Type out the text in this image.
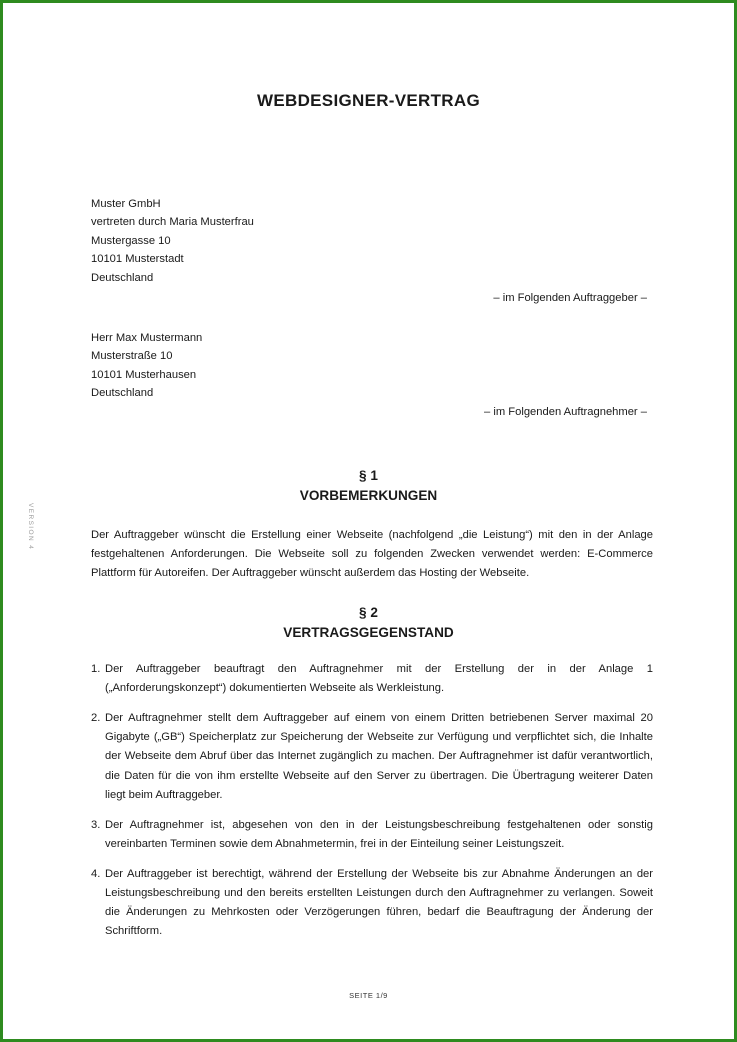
WEBDESIGNER-VERTRAG
Muster GmbH
vertreten durch Maria Musterfrau
Mustergasse 10
10101 Musterstadt
Deutschland
– im Folgenden Auftraggeber –
Herr Max Mustermann
Musterstraße 10
10101 Musterhausen
Deutschland
– im Folgenden Auftragnehmer –
§ 1
VORBEMERKUNGEN
Der Auftraggeber wünscht die Erstellung einer Webseite (nachfolgend „die Leistung“) mit den in der Anlage festgehaltenen Anforderungen. Die Webseite soll zu folgenden Zwecken verwendet werden: E-Commerce Plattform für Autoreifen. Der Auftraggeber wünscht außerdem das Hosting der Webseite.
§ 2
VERTRAGSGEGENSTAND
1. Der Auftraggeber beauftragt den Auftragnehmer mit der Erstellung der in der Anlage 1 („Anforderungskonzept“) dokumentierten Webseite als Werkleistung.
2. Der Auftragnehmer stellt dem Auftraggeber auf einem von einem Dritten betriebenen Server maximal 20 Gigabyte („GB“) Speicherplatz zur Speicherung der Webseite zur Verfügung und verpflichtet sich, die Inhalte der Webseite dem Abruf über das Internet zugänglich zu machen. Der Auftragnehmer ist dafür verantwortlich, die Daten für die von ihm erstellte Webseite auf den Server zu übertragen. Die Übertragung weiterer Daten liegt beim Auftraggeber.
3. Der Auftragnehmer ist, abgesehen von den in der Leistungsbeschreibung festgehaltenen oder sonstig vereinbarten Terminen sowie dem Abnahmetermin, frei in der Einteilung seiner Leistungszeit.
4. Der Auftraggeber ist berechtigt, während der Erstellung der Webseite bis zur Abnahme Änderungen an der Leistungsbeschreibung und den bereits erstellten Leistungen durch den Auftragnehmer zu verlangen. Soweit die Änderungen zu Mehrkosten oder Verzögerungen führen, bedarf die Beauftragung der Änderung der Schriftform.
VERSION 4
SEITE 1/9
